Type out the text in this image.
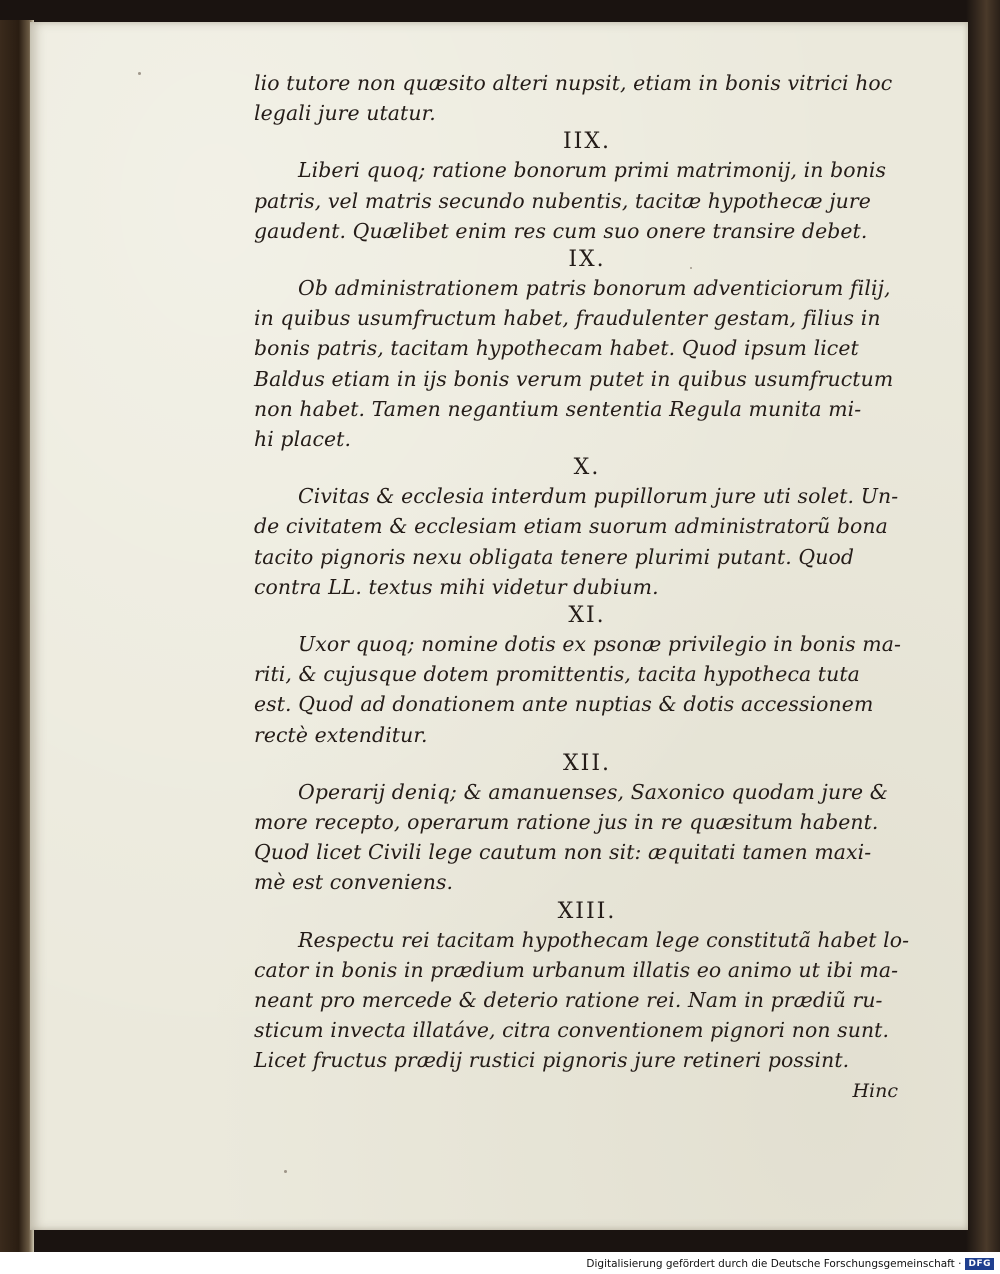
lio tutore non quæsito alteri nupsit, etiam in bonis vitrici hoc
legali jure utatur.
IIX.
Liberi quoq; ratione bonorum primi matrimonij, in bonis
patris, vel matris secundo nubentis, tacitæ hypothecæ jure
gaudent. Quælibet enim res cum suo onere transire debet.
IX.
Ob administrationem patris bonorum adventiciorum filij,
in quibus usumfructum habet, fraudulenter gestam, filius in
bonis patris, tacitam hypothecam habet. Quod ipsum licet
Baldus etiam in ijs bonis verum putet in quibus usumfructum
non habet. Tamen negantium sententia Regula munita mi-
hi placet.
X.
Civitas & ecclesia interdum pupillorum jure uti solet. Un-
de civitatem & ecclesiam etiam suorum administratorũ bona
tacito pignoris nexu obligata tenere plurimi putant. Quod
contra LL. textus mihi videtur dubium.
XI.
Uxor quoq; nomine dotis ex psonæ privilegio in bonis ma-
riti, & cujusque dotem promittentis, tacita hypotheca tuta
est. Quod ad donationem ante nuptias & dotis accessionem
rectè extenditur.
XII.
Operarij deniq; & amanuenses, Saxonico quodam jure &
more recepto, operarum ratione jus in re quæsitum habent.
Quod licet Civili lege cautum non sit: æquitati tamen maxi-
mè est conveniens.
XIII.
Respectu rei tacitam hypothecam lege constitutã habet lo-
cator in bonis in prædium urbanum illatis eo animo ut ibi ma-
neant pro mercede & deterio ratione rei. Nam in prædiũ ru-
sticum invecta illatáve, citra conventionem pignori non sunt.
Licet fructus prædij rustici pignoris jure retineri possint.
Hinc
Digitalisierung gefördert durch die Deutsche Forschungsgemeinschaft · DFG
